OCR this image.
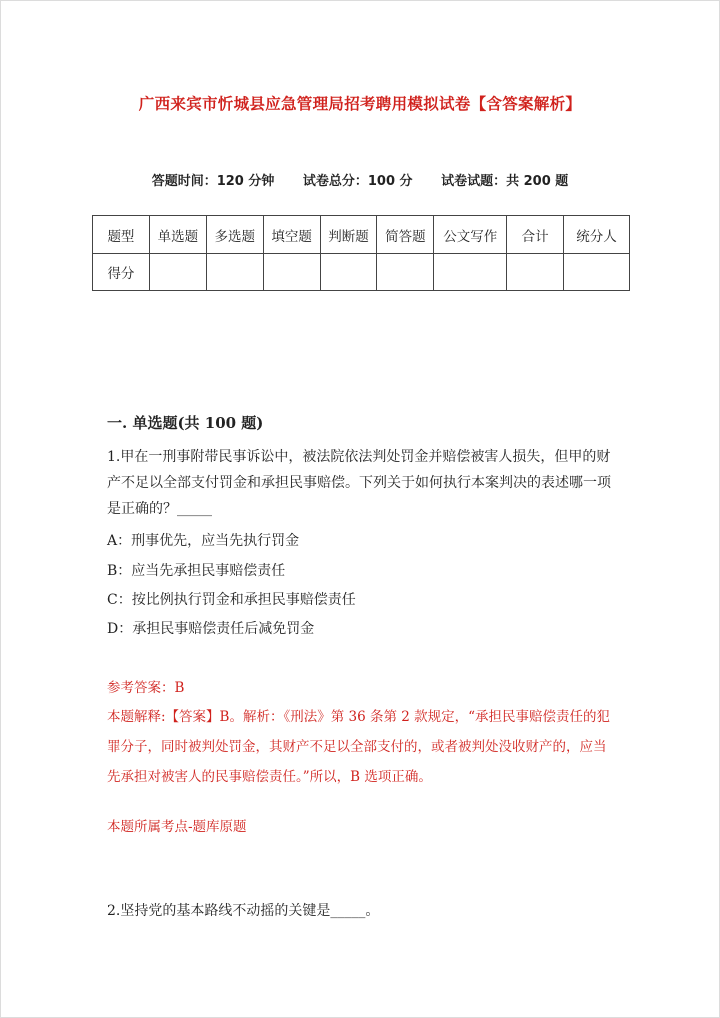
广西来宾市忻城县应急管理局招考聘用模拟试卷【含答案解析】
答题时间：120 分钟 试卷总分：100 分 试卷试题：共 200 题
题型	单选题	多选题	填空题	判断题	简答题	公文写作	合计	统分人
得分								
一. 单选题(共 100 题)
1.甲在一刑事附带民事诉讼中，被法院依法判处罚金并赔偿被害人损失，但甲的财产不足以全部支付罚金和承担民事赔偿。下列关于如何执行本案判决的表述哪一项是正确的？_____
A：刑事优先，应当先执行罚金
B：应当先承担民事赔偿责任
C：按比例执行罚金和承担民事赔偿责任
D：承担民事赔偿责任后减免罚金
参考答案：B
本题解释:【答案】B。解析：《刑法》第 36 条第 2 款规定，“承担民事赔偿责任的犯罪分子，同时被判处罚金，其财产不足以全部支付的，或者被判处没收财产的，应当先承担对被害人的民事赔偿责任。”所以，B 选项正确。
本题所属考点-题库原题
2.坚持党的基本路线不动摇的关键是_____。
